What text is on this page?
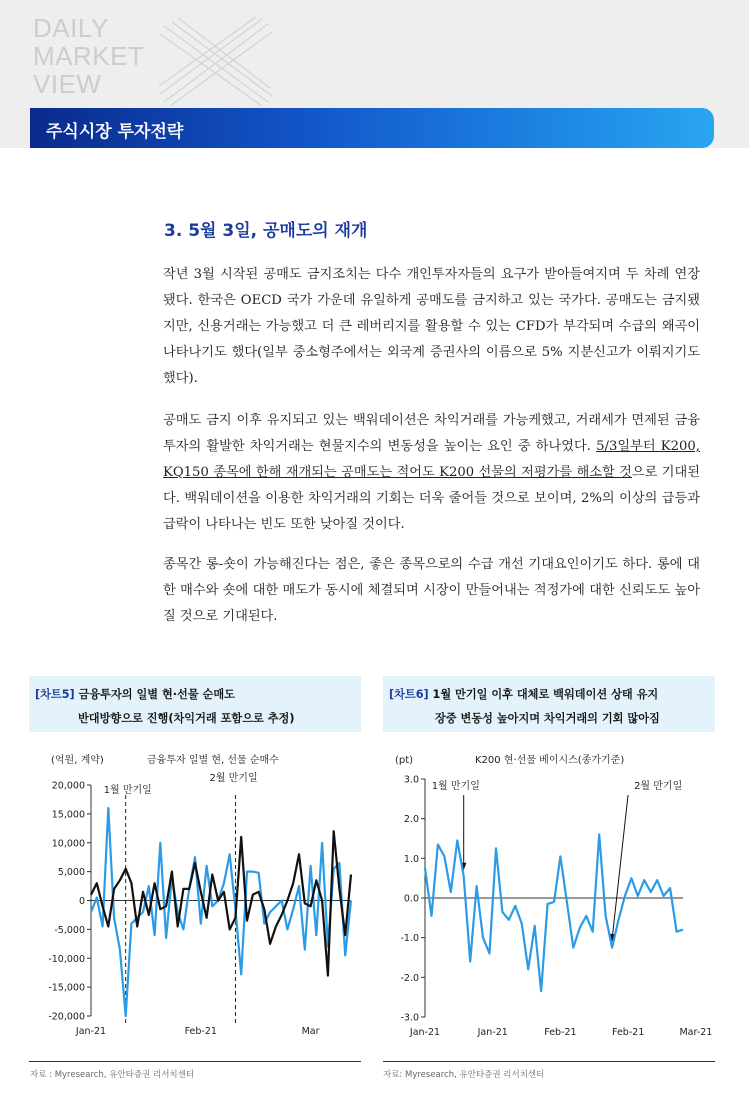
DAILY
MARKET
VIEW
주식시장 투자전략
3. 5월 3일, 공매도의 재개
작년 3월 시작된 공매도 금지조치는 다수 개인투자자들의 요구가 받아들여지며 두 차례 연장됐다. 한국은 OECD 국가 가운데 유일하게 공매도를 금지하고 있는 국가다. 공매도는 금지됐지만, 신용거래는 가능했고 더 큰 레버리지를 활용할 수 있는 CFD가 부각되며 수급의 왜곡이 나타나기도 했다(일부 중소형주에서는 외국계 증권사의 이름으로 5% 지분신고가 이뤄지기도 했다).
공매도 금지 이후 유지되고 있는 백워데이션은 차익거래를 가능케했고, 거래세가 면제된 금융투자의 활발한 차익거래는 현물지수의 변동성을 높이는 요인 중 하나였다. 5/3일부터 K200, KQ150 종목에 한해 재개되는 공매도는 적어도 K200 선물의 저평가를 해소할 것으로 기대된다. 백워데이션을 이용한 차익거래의 기회는 더욱 줄어들 것으로 보이며, 2%의 이상의 급등과 급락이 나타나는 빈도 또한 낮아질 것이다.
종목간 롱-숏이 가능해진다는 점은, 좋은 종목으로의 수급 개선 기대요인이기도 하다. 롱에 대한 매수와 숏에 대한 매도가 동시에 체결되며 시장이 만들어내는 적정가에 대한 신뢰도도 높아질 것으로 기대된다.
[차트5] 금융투자의 일별 현·선물 순매도
반대방향으로 진행(차익거래 포함으로 추정)
[차트6] 1월 만기일 이후 대체로 백워데이션 상태 유지
장중 변동성 높아지며 차익거래의 기회 많아짐
(억원, 계약)	금융투자 일별 현, 선물 순매수
20,000
15,000
10,000
5,000
0
-5,000
-10,000
-15,000
-20,000
Jan-21	Feb-21	Mar
1월 만기일
2월 만기일
(pt)	K200 현·선물 베이시스(종가기준)
3.0
2.0
1.0
0.0
-1.0
-2.0
-3.0
Jan-21	Jan-21	Feb-21	Feb-21	Mar-21
1월 만기일	2월 만기일
자료 : Myresearch, 유안타증권 리서치센터	자료: Myresearch, 유안타증권 리서치센터
